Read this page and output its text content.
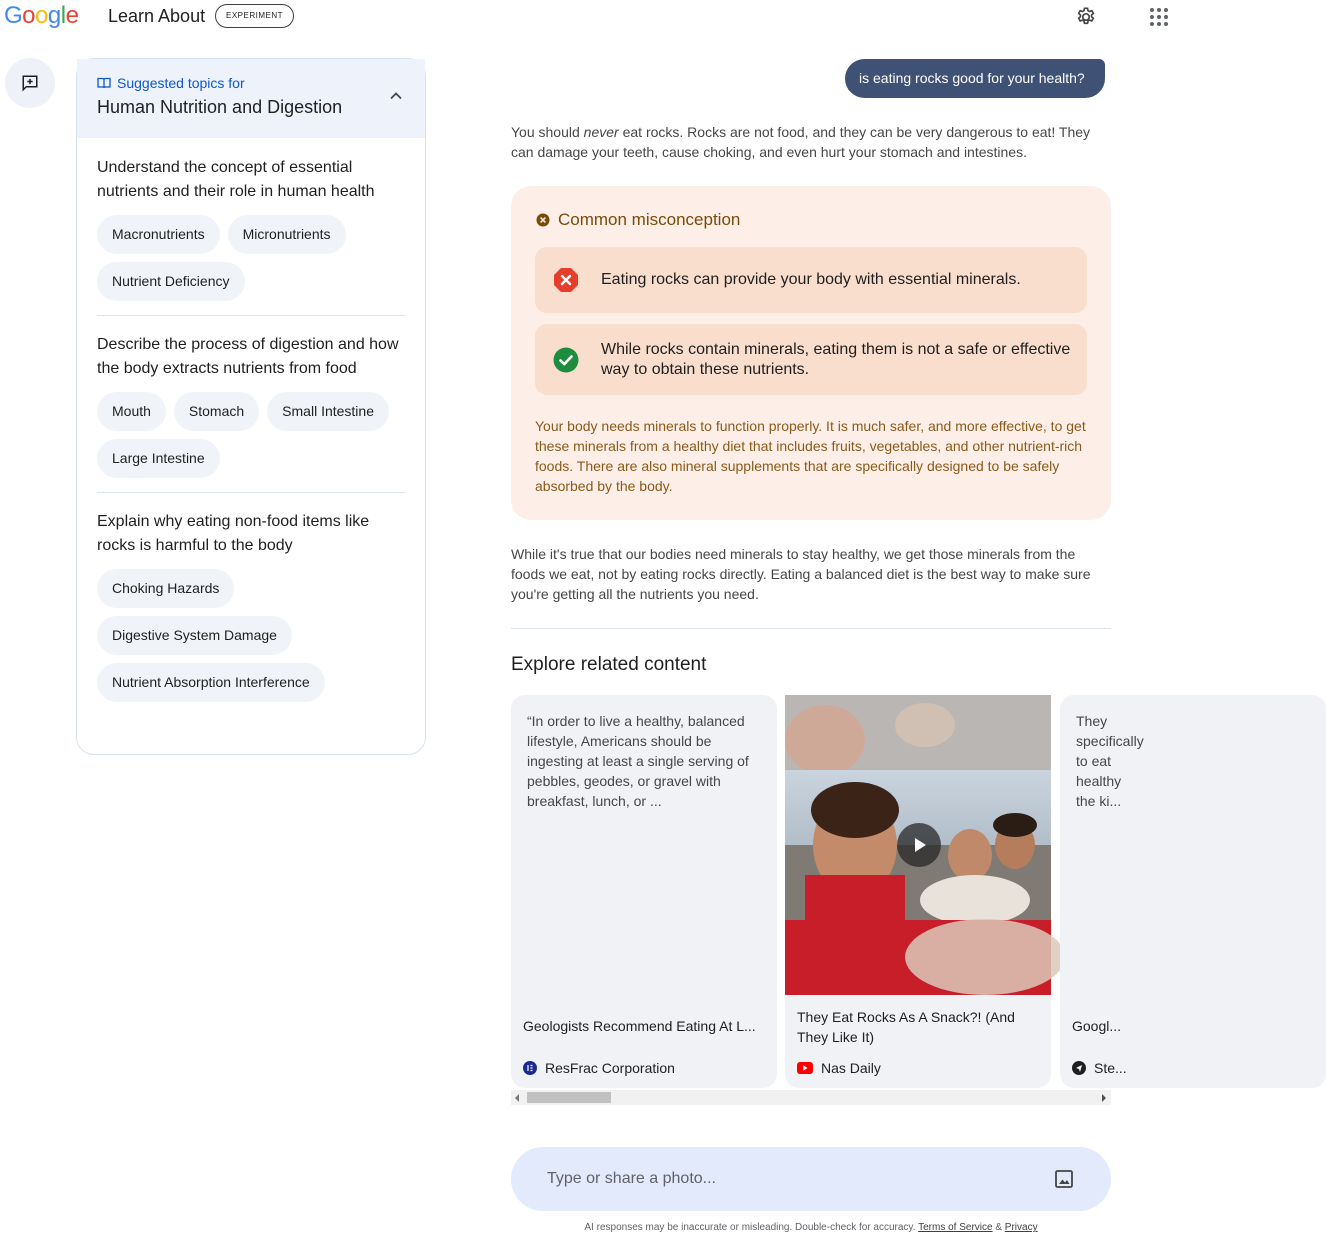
Google Learn About	EXPERIMENT
Suggested topics for
Human Nutrition and Digestion
Understand the concept of essential nutrients and their role in human health
Macronutrients	Micronutrients
Nutrient Deficiency
Describe the process of digestion and how the body extracts nutrients from food
Mouth	Stomach	Small Intestine
Large Intestine
Explain why eating non-food items like rocks is harmful to the body
Choking Hazards
Digestive System Damage
Nutrient Absorption Interference
is eating rocks good for your health?
You should never eat rocks. Rocks are not food, and they can be very dangerous to eat! They can damage your teeth, cause choking, and even hurt your stomach and intestines.
Common misconception
Eating rocks can provide your body with essential minerals.
While rocks contain minerals, eating them is not a safe or effective way to obtain these nutrients.
Your body needs minerals to function properly. It is much safer, and more effective, to get these minerals from a healthy diet that includes fruits, vegetables, and other nutrient-rich foods. There are also mineral supplements that are specifically designed to be safely absorbed by the body.
While it's true that our bodies need minerals to stay healthy, we get those minerals from the foods we eat, not by eating rocks directly. Eating a balanced diet is the best way to make sure you're getting all the nutrients you need.
Explore related content
“In order to live a healthy, balanced lifestyle, Americans should be ingesting at least a single serving of pebbles, geodes, or gravel with breakfast, lunch, or ...
Geologists Recommend Eating At L...
ResFrac Corporation
They Eat Rocks As A Snack?! (And They Like It)
Nas Daily
They specifically to eat healthy the ki...
Googl...
Ste...
Type or share a photo...
AI responses may be inaccurate or misleading. Double-check for accuracy. Terms of Service & Privacy
